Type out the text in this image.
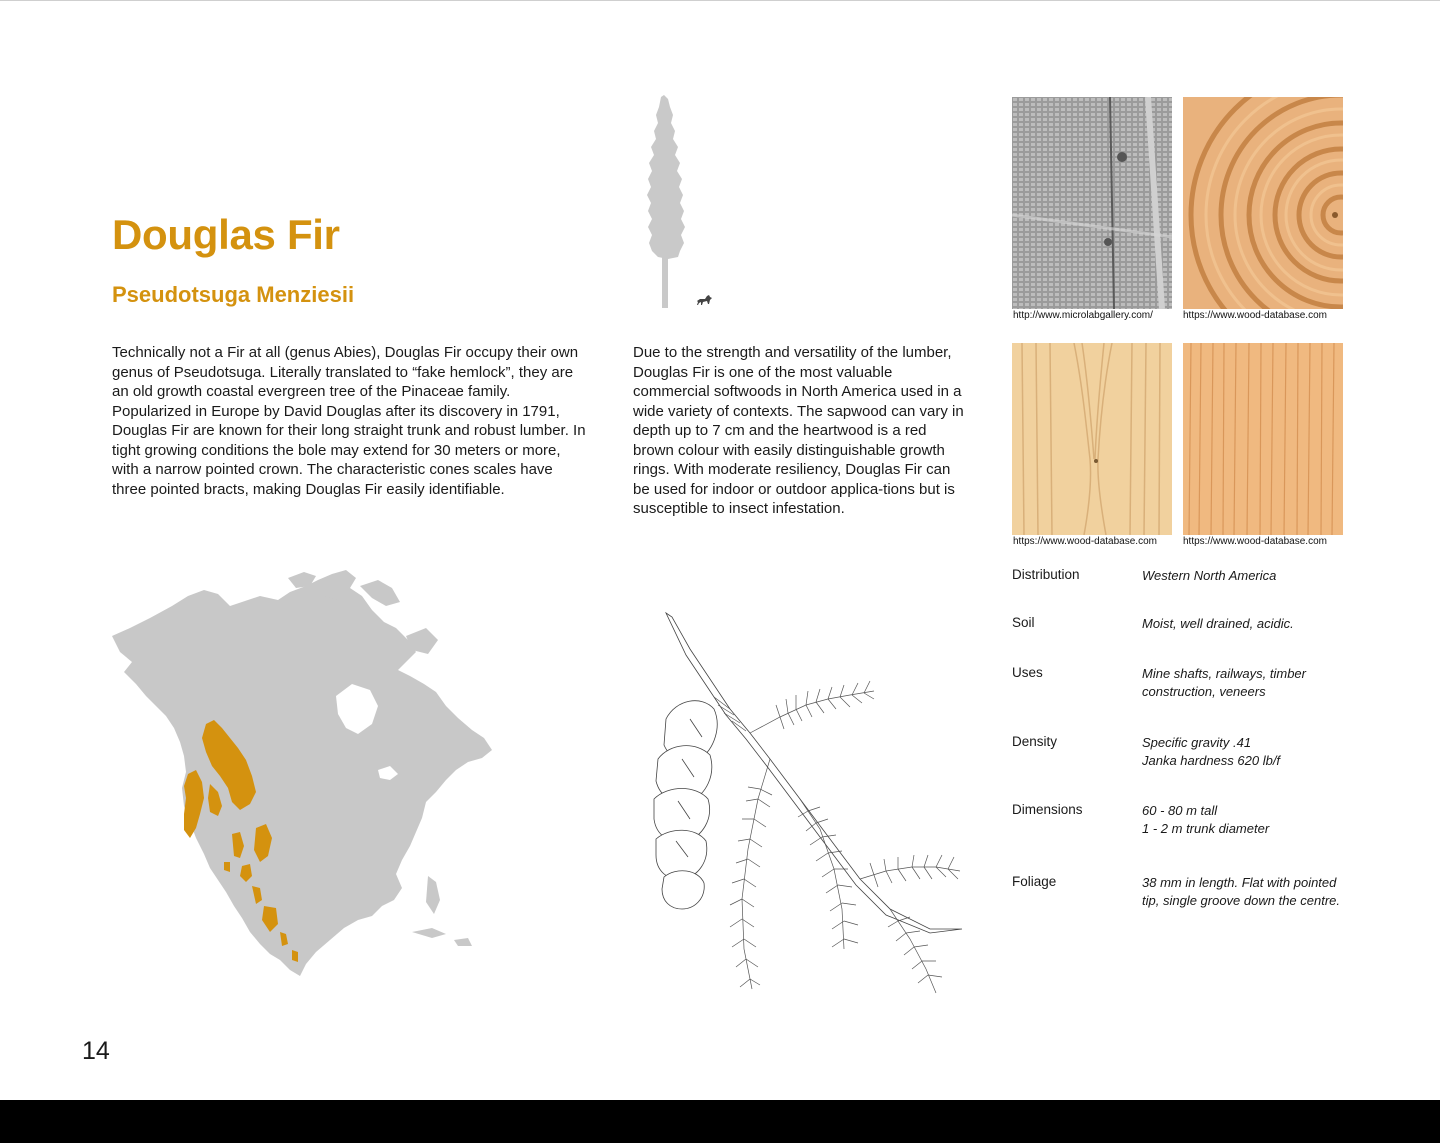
Douglas Fir
Pseudotsuga Menziesii

Technically not a Fir at all (genus Abies), Douglas Fir occupy their own genus of Pseudotsuga. Literally translated to “fake hemlock”, they are an old growth coastal evergreen tree of the Pinaceae family. Popularized in Europe by David Douglas after its discovery in 1791, Douglas Fir are known for their long straight trunk and robust lumber. In tight growing conditions the bole may extend for 30 meters or more, with a narrow pointed crown. The characteristic cones scales have three pointed bracts, making Douglas Fir easily identifiable.

Due to the strength and versatility of the lumber, Douglas Fir is one of the most valuable commercial softwoods in North America used in a wide variety of contexts. The sapwood can vary in depth up to 7 cm and the heartwood is a red brown colour with easily distinguishable growth rings. With moderate resiliency, Douglas Fir can be used for indoor or outdoor applica-tions but is susceptible to insect infestation.

http://www.microlabgallery.com/	https://www.wood-database.com
https://www.wood-database.com	https://www.wood-database.com
Distribution	Western North America
Soil	Moist, well drained, acidic.
Uses	Mine shafts, railways, timber construction, veneers
Density	Specific gravity .41
Janka hardness 620 lb/f
Dimensions	60 - 80 m tall
1 - 2 m trunk diameter
Foliage	38 mm in length. Flat with pointed tip, single groove down the centre.
14
